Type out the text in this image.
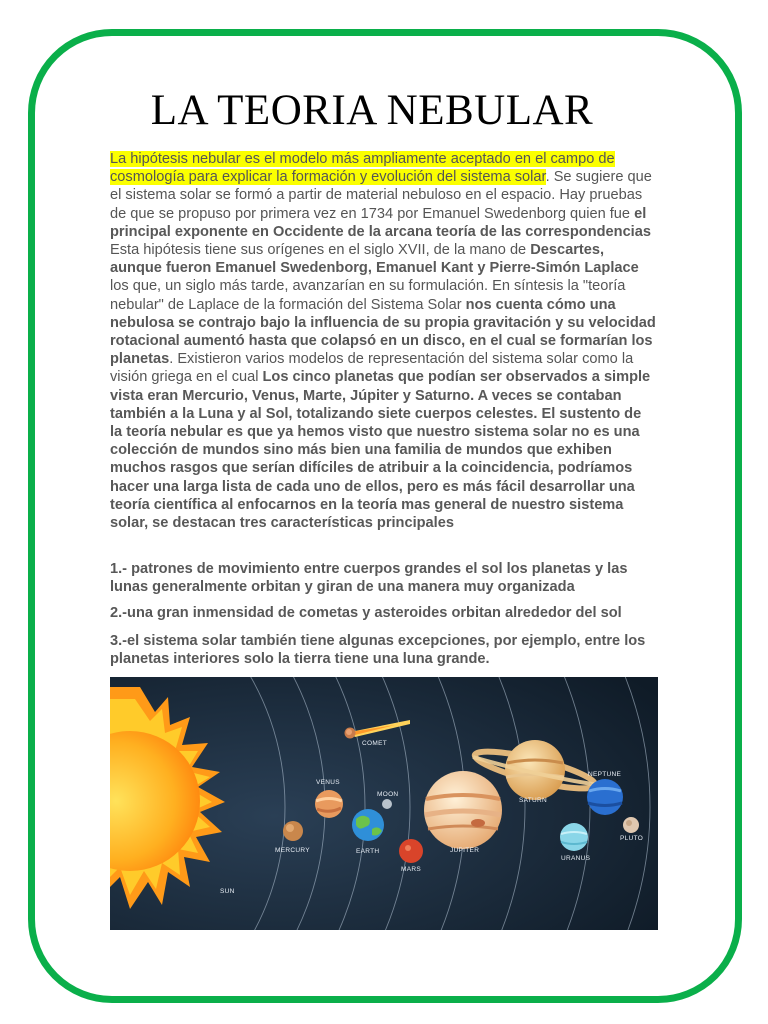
LA TEORIA NEBULAR
La hipótesis nebular es el modelo más ampliamente aceptado en el campo de cosmología para explicar la formación y evolución del sistema solar. Se sugiere que el sistema solar se formó a partir de material nebuloso en el espacio. Hay pruebas de que se propuso por primera vez en 1734 por Emanuel Swedenborg quien fue el principal exponente en Occidente de la arcana teoría de las correspondencias Esta hipótesis tiene sus orígenes en el siglo XVII, de la mano de Descartes, aunque fueron Emanuel Swedenborg, Emanuel Kant y Pierre-Simón Laplace los que, un siglo más tarde, avanzarían en su formulación. En síntesis la "teoría nebular" de Laplace de la formación del Sistema Solar nos cuenta cómo una nebulosa se contrajo bajo la influencia de su propia gravitación y su velocidad rotacional aumentó hasta que colapsó en un disco, en el cual se formarían los planetas. Existieron varios modelos de representación del sistema solar como la visión griega en el cual Los cinco planetas que podían ser observados a simple vista eran Mercurio, Venus, Marte, Júpiter y Saturno. A veces se contaban también a la Luna y al Sol, totalizando siete cuerpos celestes. El sustento de la teoría nebular es que ya hemos visto que nuestro sistema solar no es una colección de mundos sino más bien una familia de mundos que exhiben muchos rasgos que serían difíciles de atribuir a la coincidencia, podríamos hacer una larga lista de cada uno de ellos, pero es más fácil desarrollar una teoría científica al enfocarnos en la teoría mas general de nuestro sistema solar, se destacan tres características principales
1.- patrones de movimiento entre cuerpos grandes el sol los planetas y las lunas generalmente orbitan y giran de una manera muy organizada
2.-una gran inmensidad de cometas y asteroides orbitan alrededor del sol
3.-el sistema solar también tiene algunas excepciones, por ejemplo, entre los planetas interiores solo la tierra tiene una luna grande.
COMET
VENUS
MOON
NEPTUNE
SATURN
MERCURY	EARTH	JUPITER
PLUTO
MARS
URANUS
SUN
